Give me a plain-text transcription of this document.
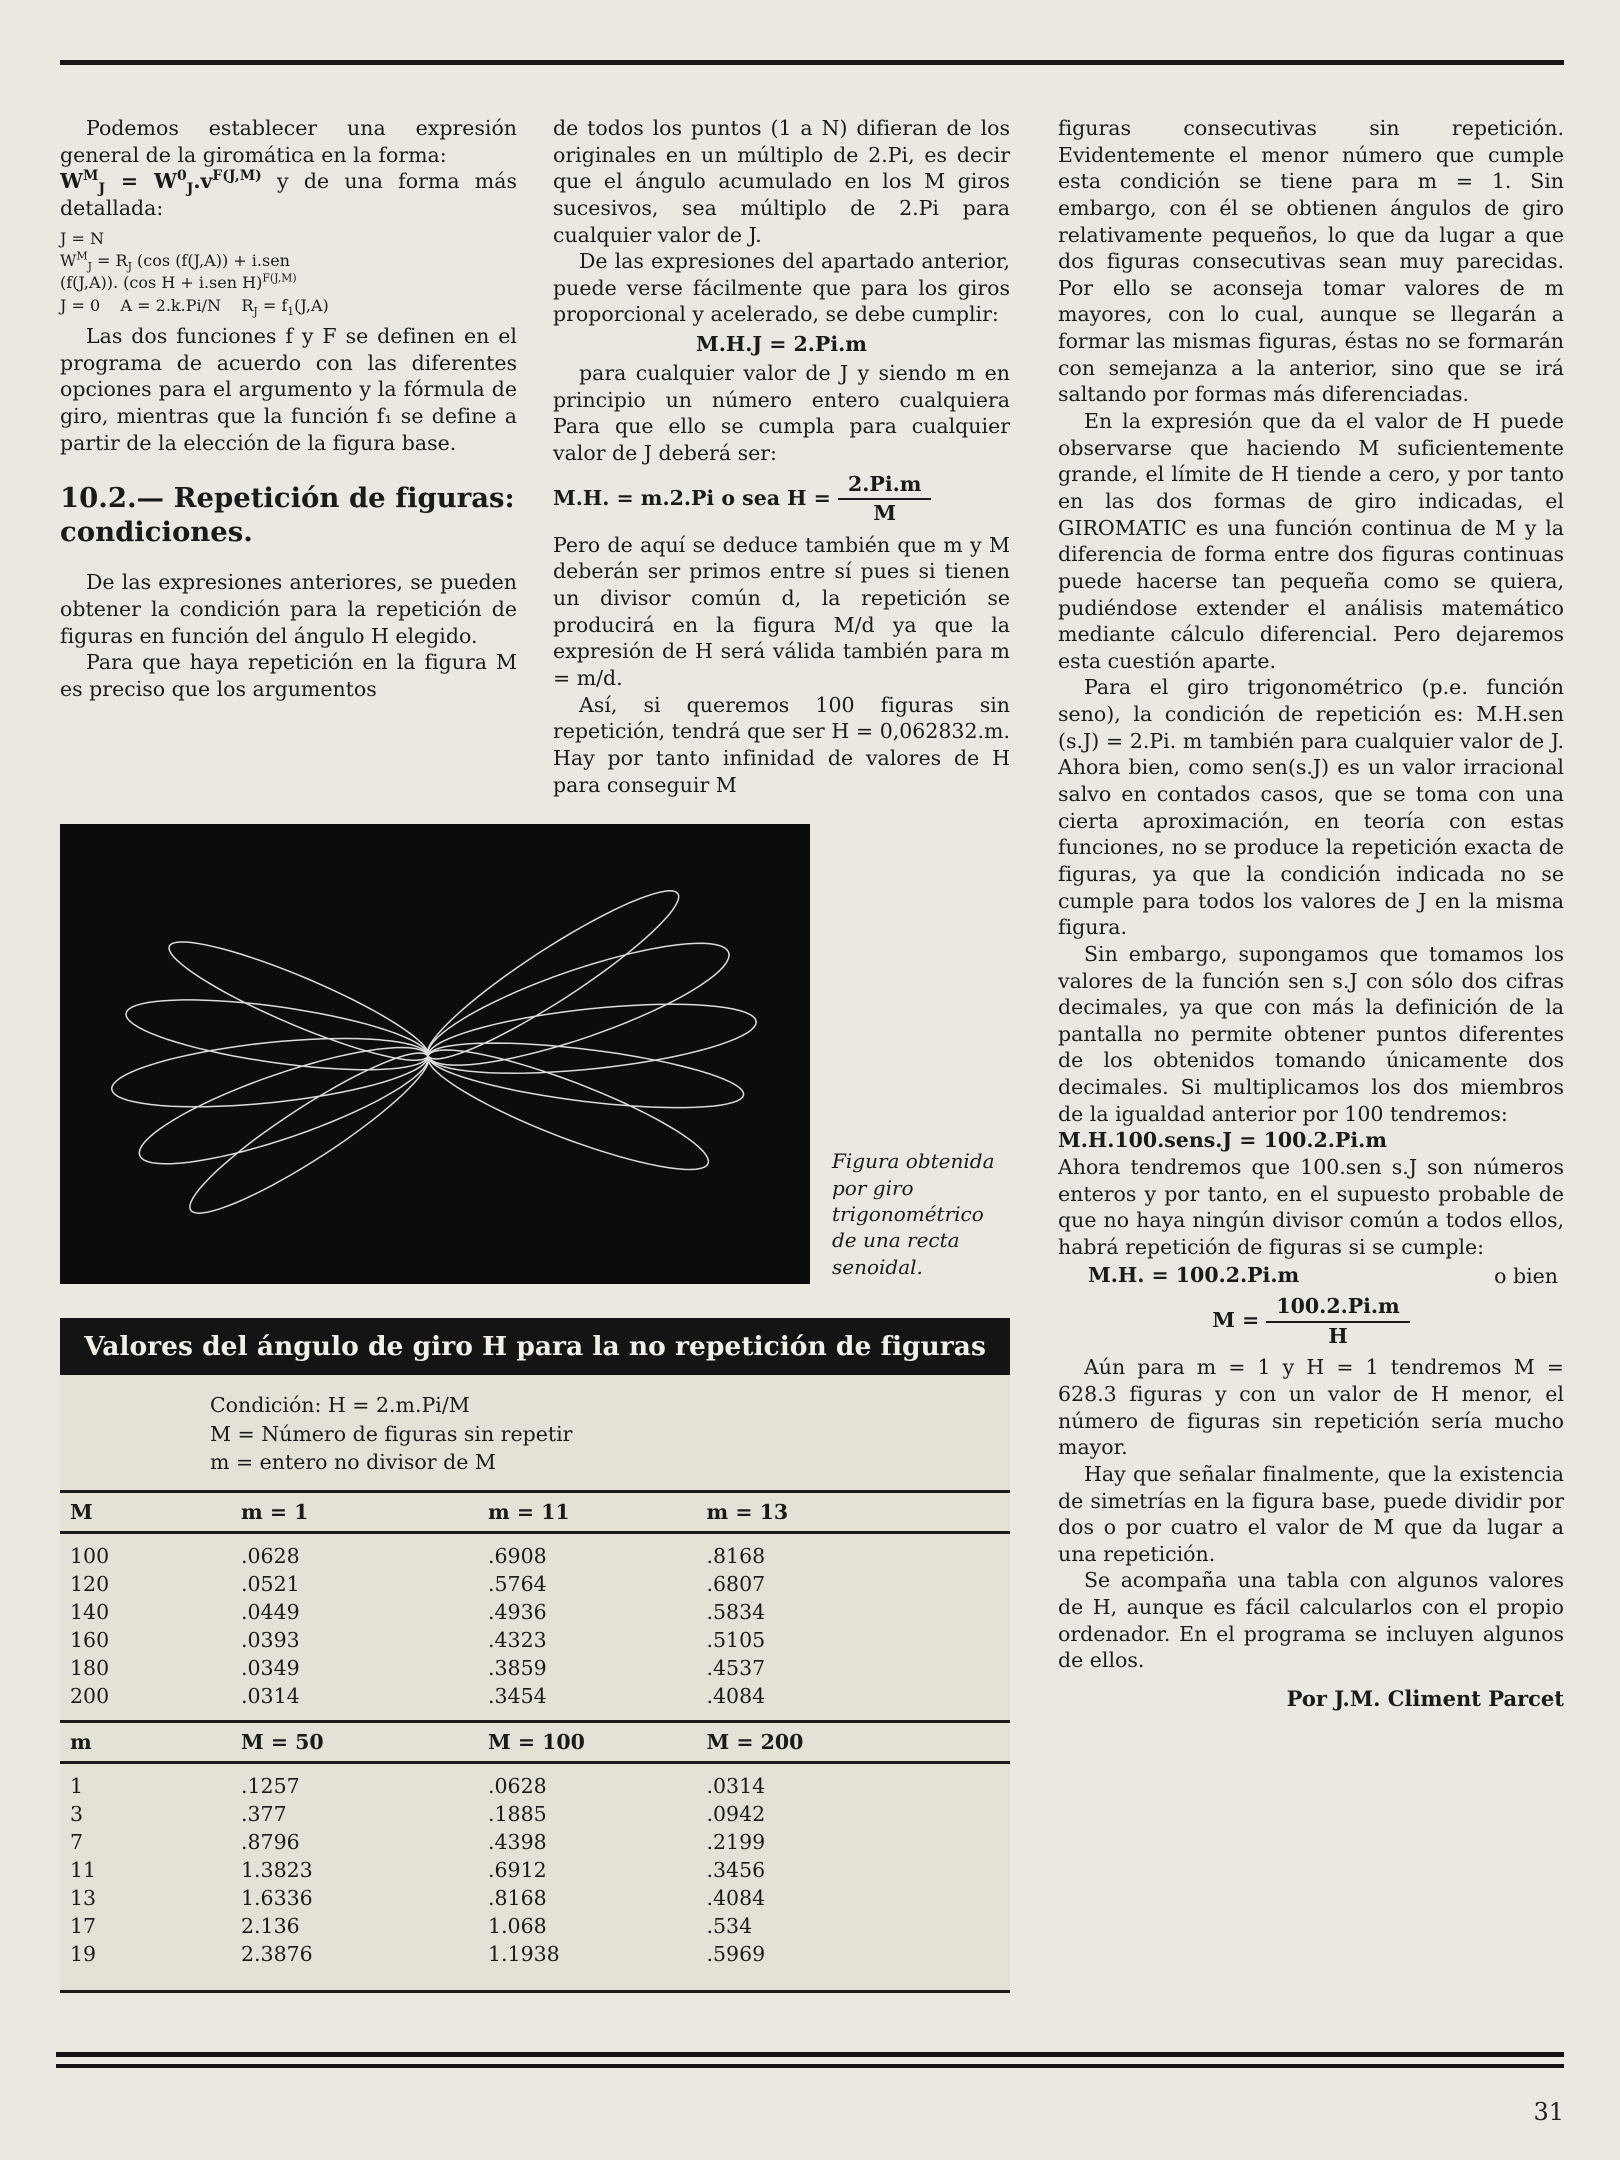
Podemos establecer una expresión general de la giromática en la forma:

$W^M_J = W^0_J.v^{F(J,M)}$ y de una forma más detallada:

J = N
$W^M_J = R_J$ (cos (f(J,A)) + i.sen
(f(J,A)). (cos H + i.sen H)$^{F(J,M)}$
J = 0    A = 2.k.Pi/N    $R_J = f_1(J,A)$

Las dos funciones f y F se definen en el programa de acuerdo con las diferentes opciones para el argumento y la fórmula de giro, mientras que la función f₁ se define a partir de la elección de la figura base.

10.2.— Repetición de figuras: condiciones.

De las expresiones anteriores, se pueden obtener la condición para la repetición de figuras en función del ángulo H elegido.

Para que haya repetición en la figura M es preciso que los argumentos

de todos los puntos (1 a N) difieran de los originales en un múltiplo de 2.Pi, es decir que el ángulo acumulado en los M giros sucesivos, sea múltiplo de 2.Pi para cualquier valor de J.

De las expresiones del apartado anterior, puede verse fácilmente que para los giros proporcional y acelerado, se debe cumplir:

M.H.J = 2.Pi.m

para cualquier valor de J y siendo m en principio un número entero cualquiera Para que ello se cumpla para cualquier valor de J deberá ser:

M.H. = m.2.Pi o sea $H = \frac{2.Pi.m}{M}$

Pero de aquí se deduce también que m y M deberán ser primos entre sí pues si tienen un divisor común d, la repetición se producirá en la figura M/d ya que la expresión de H será válida también para m = m/d.

Así, si queremos 100 figuras sin repetición, tendrá que ser H = 0,062832.m. Hay por tanto infinidad de valores de H para conseguir M

Figura obtenida por giro trigonométrico de una recta senoidal.
Valores del ángulo de giro H para la no repetición de figuras
Condición: H = 2.m.Pi/M
M = Número de figuras sin repetir
m = entero no divisor de M
M	m = 1	m = 11	m = 13
100	.0628	.6908	.8168
120	.0521	.5764	.6807
140	.0449	.4936	.5834
160	.0393	.4323	.5105
180	.0349	.3859	.4537
200	.0314	.3454	.4084
m	M = 50	M = 100	M = 200
1	.1257	.0628	.0314
3	.377	.1885	.0942
7	.8796	.4398	.2199
11	1.3823	.6912	.3456
13	1.6336	.8168	.4084
17	2.136	1.068	.534
19	2.3876	1.1938	.5969

figuras consecutivas sin repetición. Evidentemente el menor número que cumple esta condición se tiene para m = 1. Sin embargo, con él se obtienen ángulos de giro relativamente pequeños, lo que da lugar a que dos figuras consecutivas sean muy parecidas. Por ello se aconseja tomar valores de m mayores, con lo cual, aunque se llegarán a formar las mismas figuras, éstas no se formarán con semejanza a la anterior, sino que se irá saltando por formas más diferenciadas.

En la expresión que da el valor de H puede observarse que haciendo M suficientemente grande, el límite de H tiende a cero, y por tanto en las dos formas de giro indicadas, el GIROMATIC es una función continua de M y la diferencia de forma entre dos figuras continuas puede hacerse tan pequeña como se quiera, pudiéndose extender el análisis matemático mediante cálculo diferencial. Pero dejaremos esta cuestión aparte.

Para el giro trigonométrico (p.e. función seno), la condición de repetición es: M.H.sen (s.J) = 2.Pi. m también para cualquier valor de J. Ahora bien, como sen(s.J) es un valor irracional salvo en contados casos, que se toma con una cierta aproximación, en teoría con estas funciones, no se produce la repetición exacta de figuras, ya que la condición indicada no se cumple para todos los valores de J en la misma figura.

Sin embargo, supongamos que tomamos los valores de la función sen s.J con sólo dos cifras decimales, ya que con más la definición de la pantalla no permite obtener puntos diferentes de los obtenidos tomando únicamente dos decimales. Si multiplicamos los dos miembros de la igualdad anterior por 100 tendremos:

M.H.100.sens.J = 100.2.Pi.m

Ahora tendremos que 100.sen s.J son números enteros y por tanto, en el supuesto probable de que no haya ningún divisor común a todos ellos, habrá repetición de figuras si se cumple:

M.H. = 100.2.Pi.m	o bien
$M = \frac{100.2.Pi.m}{H}$

Aún para m = 1 y H = 1 tendremos M = 628.3 figuras y con un valor de H menor, el número de figuras sin repetición sería mucho mayor.

Hay que señalar finalmente, que la existencia de simetrías en la figura base, puede dividir por dos o por cuatro el valor de M que da lugar a una repetición.

Se acompaña una tabla con algunos valores de H, aunque es fácil calcularlos con el propio ordenador. En el programa se incluyen algunos de ellos.

Por J.M. Climent Parcet
31
